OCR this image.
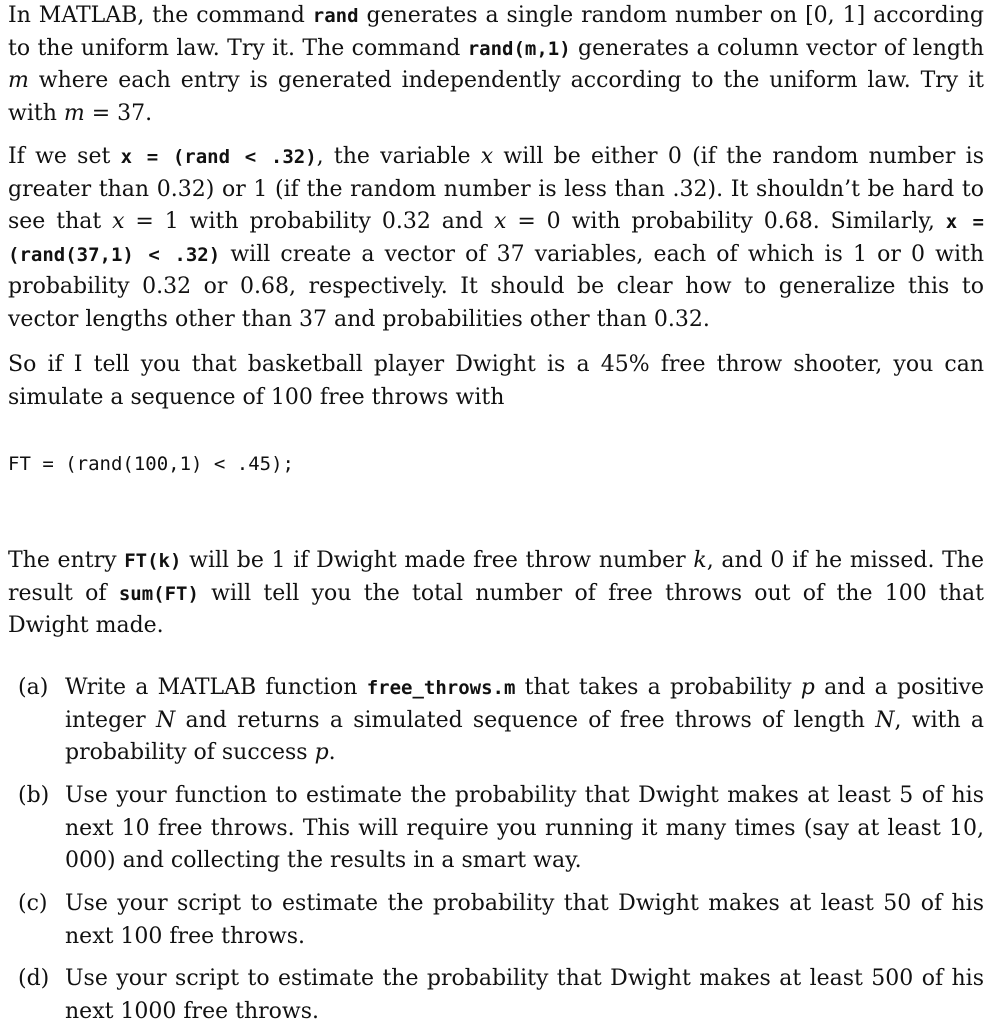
In MATLAB, the command rand generates a single random number on [0, 1] according to the uniform law. Try it. The command rand(m,1) generates a column vector of length m where each entry is generated independently according to the uniform law. Try it with m = 37.

If we set x = (rand < .32), the variable x will be either 0 (if the random number is greater than 0.32) or 1 (if the random number is less than .32). It shouldn’t be hard to see that x = 1 with probability 0.32 and x = 0 with probability 0.68. Similarly, x = (rand(37,1) < .32) will create a vector of 37 variables, each of which is 1 or 0 with probability 0.32 or 0.68, respectively. It should be clear how to generalize this to vector lengths other than 37 and probabilities other than 0.32.

So if I tell you that basketball player Dwight is a 45% free throw shooter, you can simulate a sequence of 100 free throws with

FT = (rand(100,1) < .45);

The entry FT(k) will be 1 if Dwight made free throw number k, and 0 if he missed. The result of sum(FT) will tell you the total number of free throws out of the 100 that Dwight made.

(a) Write a MATLAB function free_throws.m that takes a probability p and a positive integer N and returns a simulated sequence of free throws of length N, with a probability of success p.
(b) Use your function to estimate the probability that Dwight makes at least 5 of his next 10 free throws. This will require you running it many times (say at least 10, 000) and collecting the results in a smart way.
(c) Use your script to estimate the probability that Dwight makes at least 50 of his next 100 free throws.
(d) Use your script to estimate the probability that Dwight makes at least 500 of his next 1000 free throws.
